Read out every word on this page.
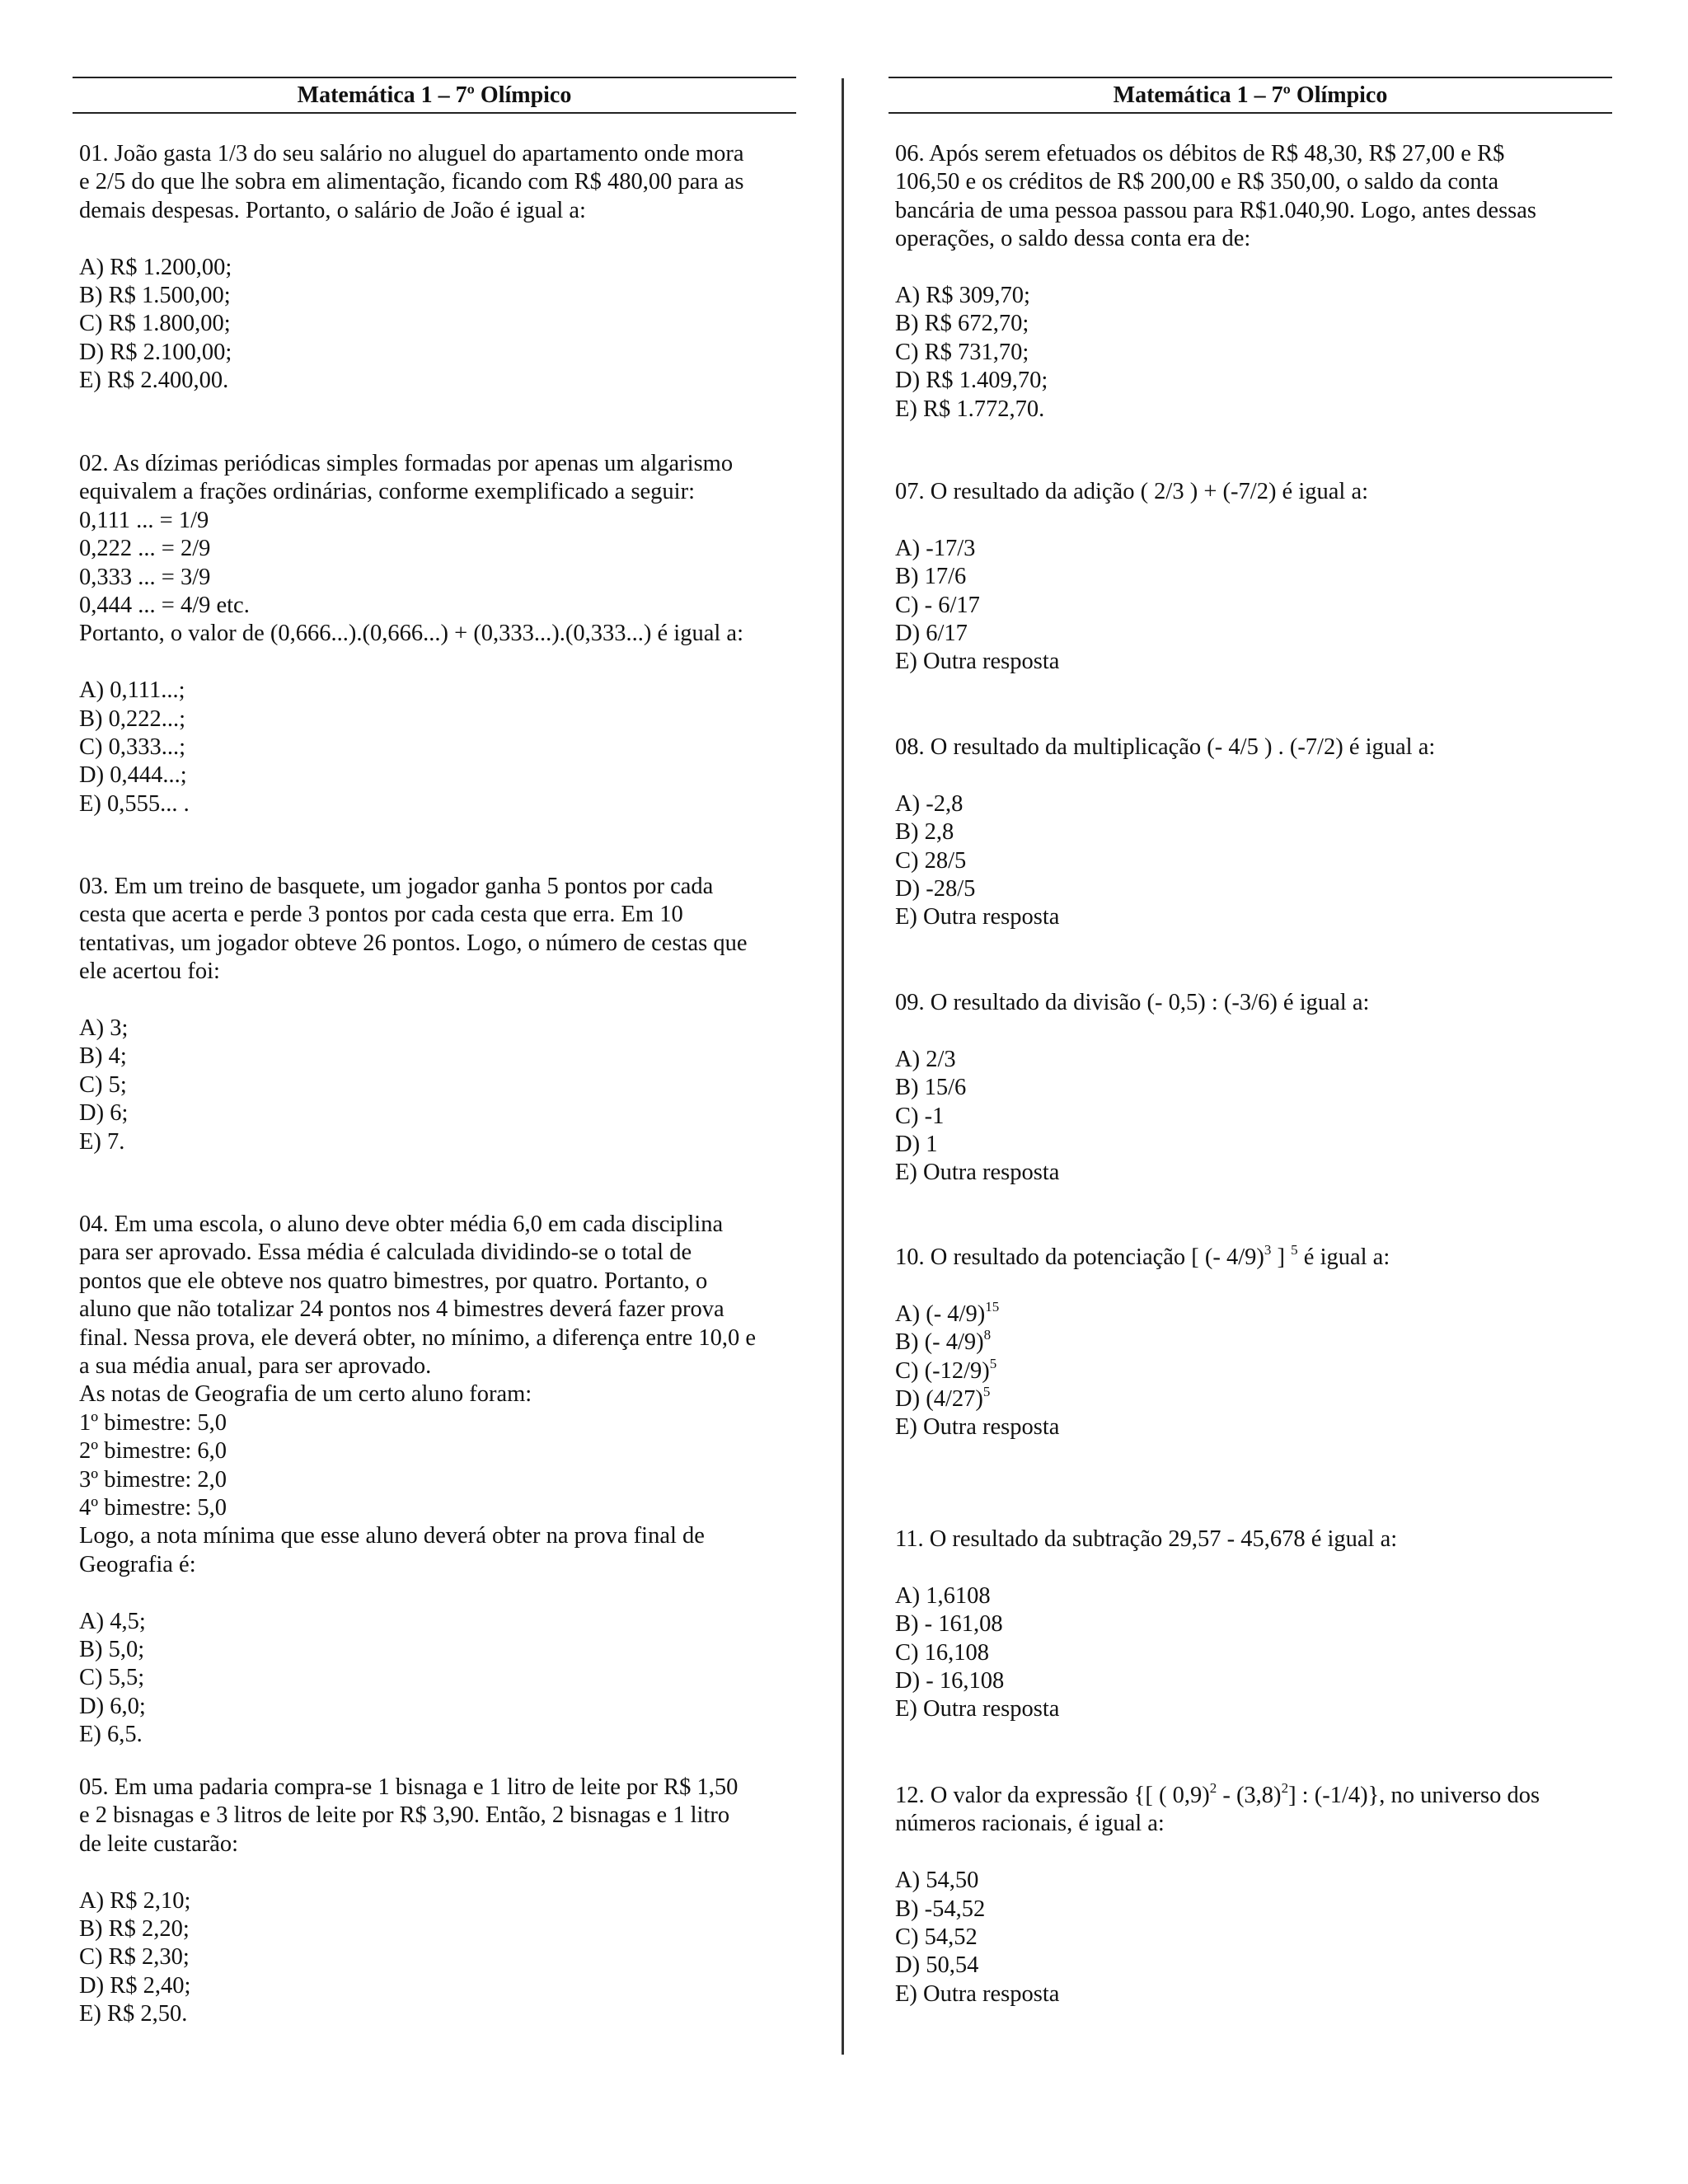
Matemática 1 – 7º Olímpico

01. João gasta 1/3 do seu salário no aluguel do apartamento onde mora

e 2/5 do que lhe sobra em alimentação, ficando com R$ 480,00 para as

demais despesas. Portanto, o salário de João é igual a:

A) R$ 1.200,00;
B) R$ 1.500,00;
C) R$ 1.800,00;
D) R$ 2.100,00;
E) R$ 2.400,00.

02. As dízimas periódicas simples formadas por apenas um algarismo

equivalem a frações ordinárias, conforme exemplificado a seguir:

0,111 ... = 1/9

0,222 ... = 2/9

0,333 ... = 3/9

0,444 ... = 4/9 etc.

Portanto, o valor de (0,666...).(0,666...) + (0,333...).(0,333...) é igual a:

A) 0,111...;
B) 0,222...;
C) 0,333...;
D) 0,444...;
E) 0,555... .

03. Em um treino de basquete, um jogador ganha 5 pontos por cada

cesta que acerta e perde 3 pontos por cada cesta que erra. Em 10

tentativas, um jogador obteve 26 pontos. Logo, o número de cestas que

ele acertou foi:

A) 3;
B) 4;
C) 5;
D) 6;
E) 7.

04. Em uma escola, o aluno deve obter média 6,0 em cada disciplina

para ser aprovado. Essa média é calculada dividindo-se o total de

pontos que ele obteve nos quatro bimestres, por quatro. Portanto, o

aluno que não totalizar 24 pontos nos 4 bimestres deverá fazer prova

final. Nessa prova, ele deverá obter, no mínimo, a diferença entre 10,0 e

a sua média anual, para ser aprovado.

As notas de Geografia de um certo aluno foram:

1º bimestre: 5,0

2º bimestre: 6,0

3º bimestre: 2,0

4º bimestre: 5,0

Logo, a nota mínima que esse aluno deverá obter na prova final de

Geografia é:

A) 4,5;
B) 5,0;
C) 5,5;
D) 6,0;
E) 6,5.

05. Em uma padaria compra-se 1 bisnaga e 1 litro de leite por R$ 1,50

e 2 bisnagas e 3 litros de leite por R$ 3,90. Então, 2 bisnagas e 1 litro

de leite custarão:

A) R$ 2,10;
B) R$ 2,20;
C) R$ 2,30;
D) R$ 2,40;
E) R$ 2,50.
Matemática 1 – 7º Olímpico

06. Após serem efetuados os débitos de R$ 48,30, R$ 27,00 e R$

106,50 e os créditos de R$ 200,00 e R$ 350,00, o saldo da conta

bancária de uma pessoa passou para R$1.040,90. Logo, antes dessas

operações, o saldo dessa conta era de:

A) R$ 309,70;
B) R$ 672,70;
C) R$ 731,70;
D) R$ 1.409,70;
E) R$ 1.772,70.

07. O resultado da adição ( 2/3 ) + (-7/2) é igual a:

A) -17/3
B) 17/6
C) - 6/17
D) 6/17
E) Outra resposta

08. O resultado da multiplicação (- 4/5 ) . (-7/2) é igual a:

A) -2,8
B) 2,8
C) 28/5
D) -28/5
E) Outra resposta

09. O resultado da divisão (- 0,5) : (-3/6) é igual a:

A) 2/3
B) 15/6
C) -1
D) 1
E) Outra resposta

10. O resultado da potenciação [ (- 4/9)$^3$ ] $^5$ é igual a:

A) (- 4/9)$^{15}$
B) (- 4/9)$^8$
C) $(-12/9)^5$
D) $(4/27)^5$
E) Outra resposta

11. O resultado da subtração 29,57 - 45,678 é igual a:

A) 1,6108
B) - 161,08
C) 16,108
D) - 16,108
E) Outra resposta

12. O valor da expressão {[ ( $0,9)^2 - (3,8)^2$] : (-1/4)}, no universo dos

números racionais, é igual a:

A) 54,50
B) -54,52
C) 54,52
D) 50,54
E) Outra resposta
